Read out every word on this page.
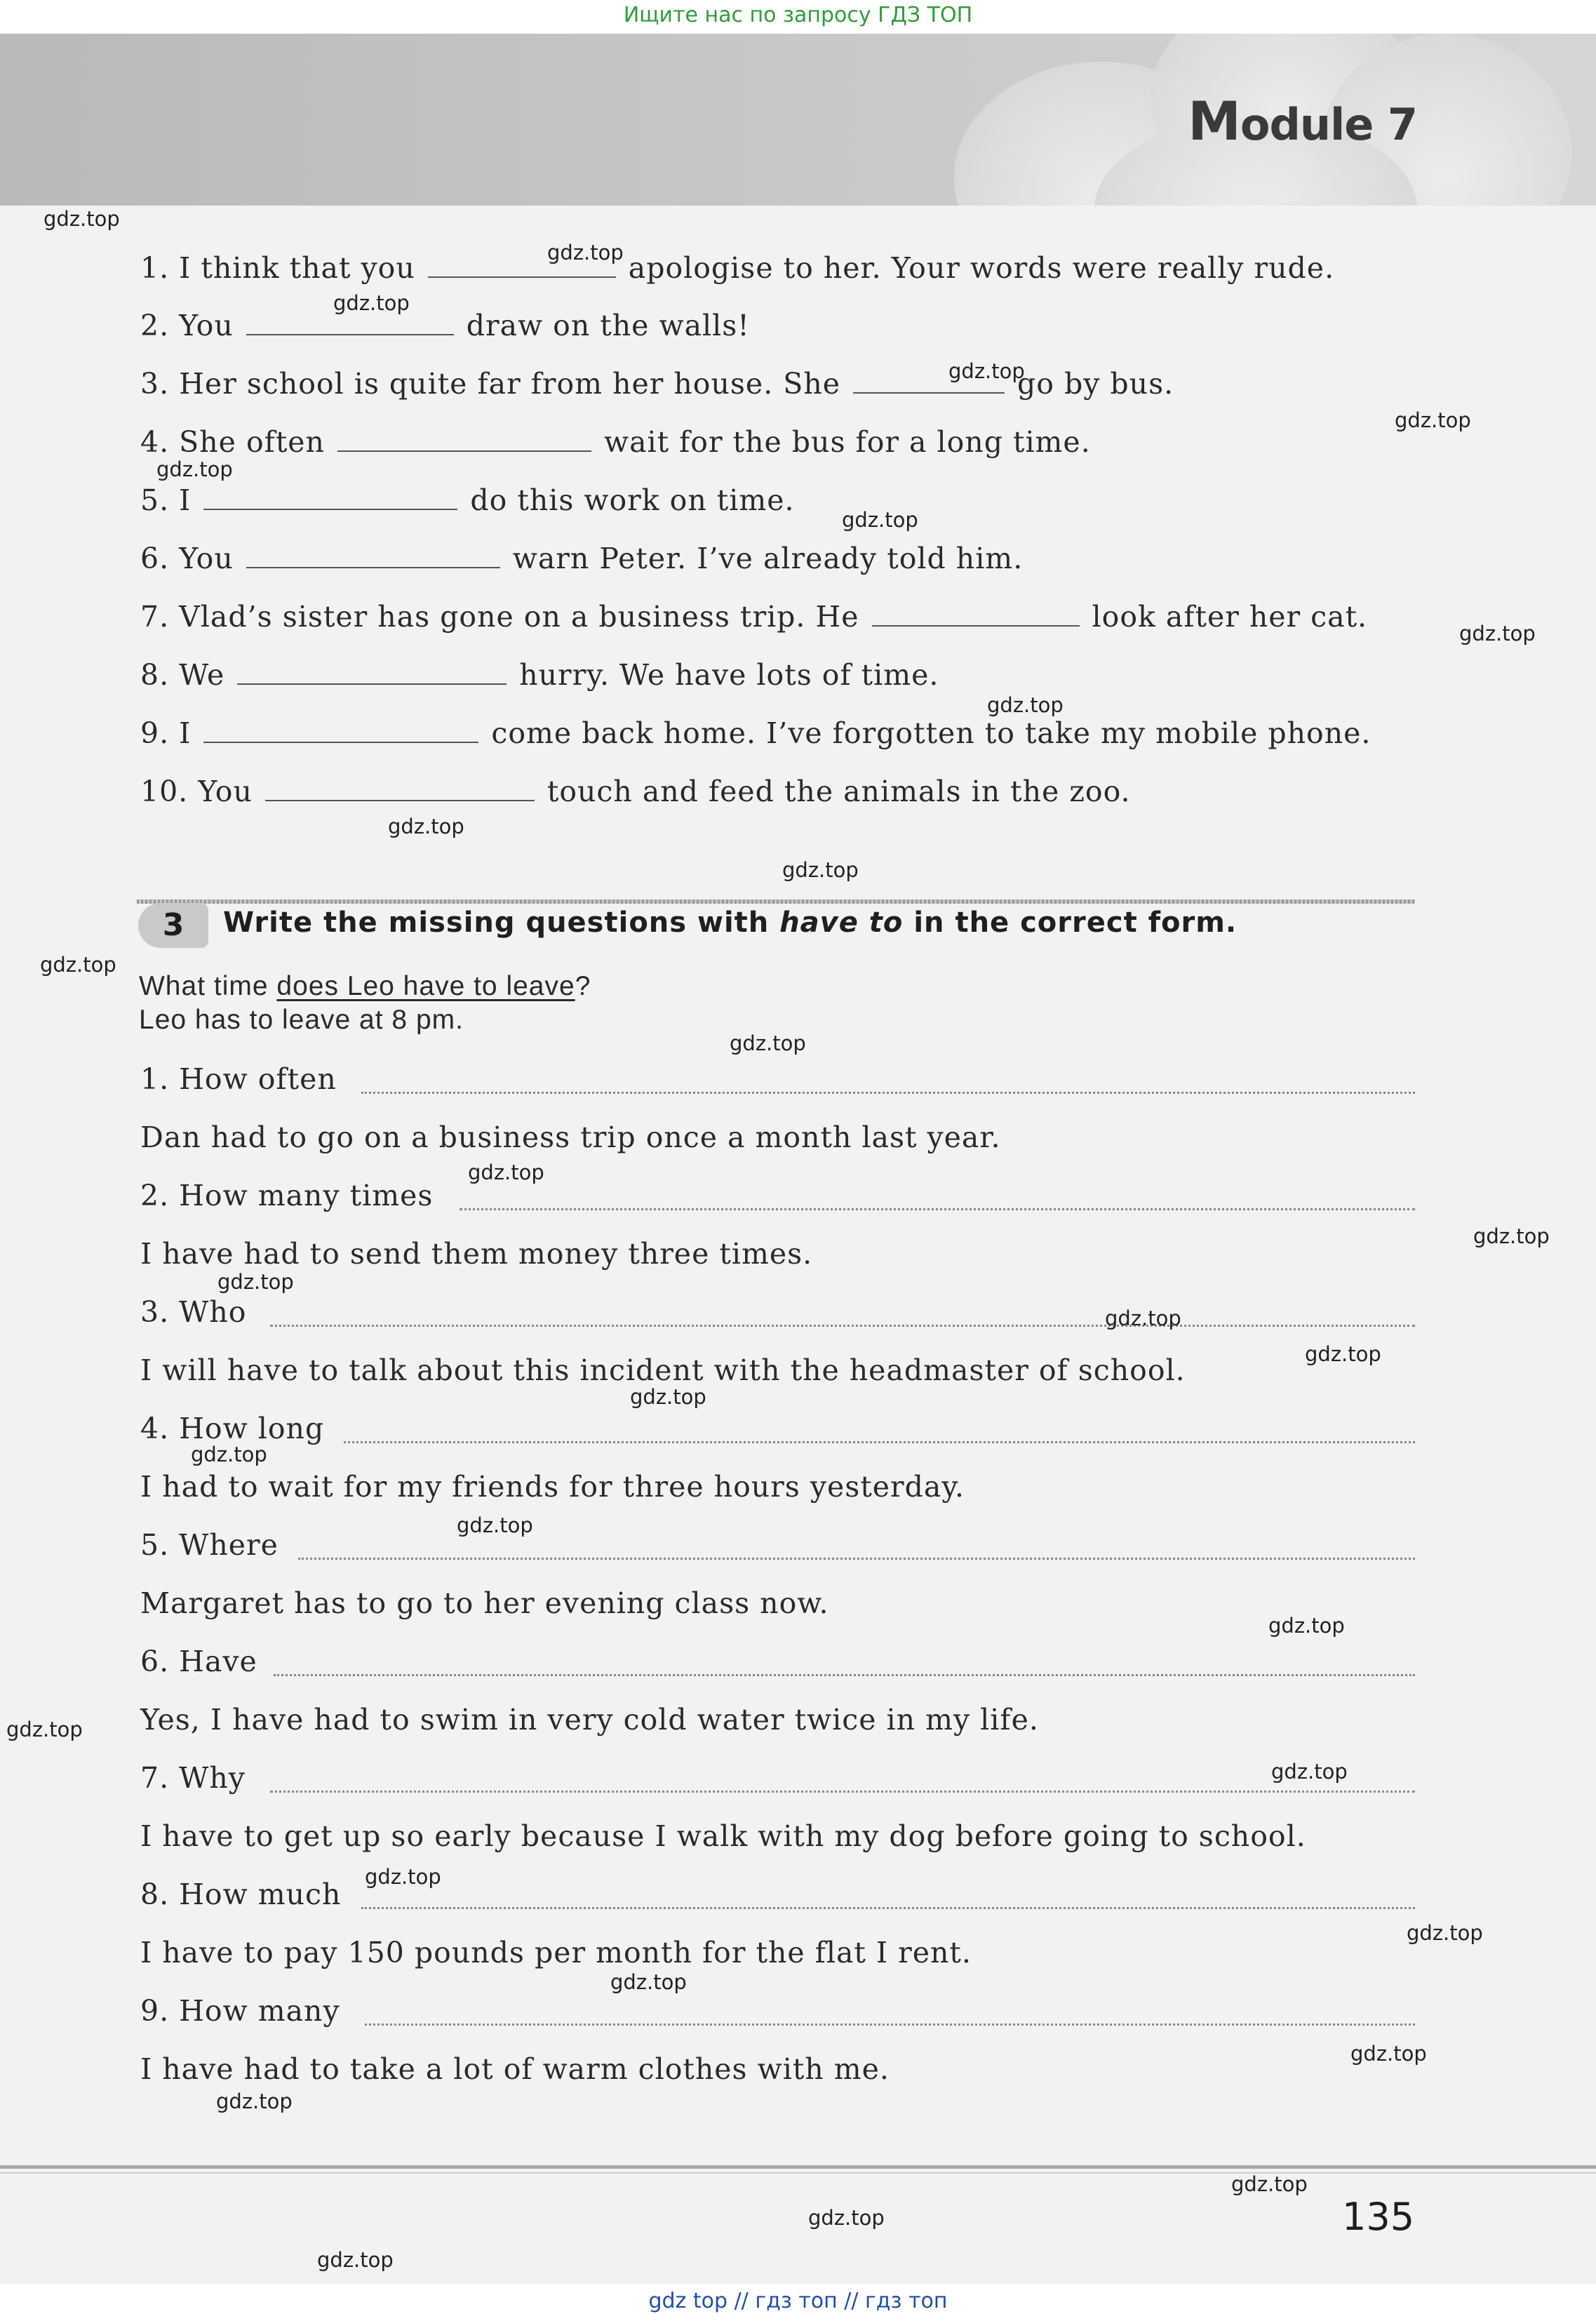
Ищите нас по запросу ГДЗ ТОП
Module 7
1. I think that you	apologise to her. Your words were really rude.
2. You	draw on the walls!
3. Her school is quite far from her house. She	go by bus.
4. She often	wait for the bus for a long time.
5. I	do this work on time.
6. You	warn Peter. I’ve already told him.
7. Vlad’s sister has gone on a business trip. He	look after her cat.
8. We	hurry. We have lots of time.
9. I	come back home. I’ve forgotten to take my mobile phone.
10. You	touch and feed the animals in the zoo.
3	Write the missing questions with have to in the correct form.
What time does Leo have to leave?
Leo has to leave at 8 pm.
1. How often
Dan had to go on a business trip once a month last year.
2. How many times
I have had to send them money three times.
3. Who
I will have to talk about this incident with the headmaster of school.
4. How long
I had to wait for my friends for three hours yesterday.
5. Where
Margaret has to go to her evening class now.
6. Have
Yes, I have had to swim in very cold water twice in my life.
7. Why
I have to get up so early because I walk with my dog before going to school.
8. How much
I have to pay 150 pounds per month for the flat I rent.
9. How many
I have had to take a lot of warm clothes with me.
135
gdz.top
gdz.top
gdz.top
gdz.top
gdz.top
gdz.top
gdz.top
gdz.top
gdz.top
gdz.top
gdz.top
gdz.top
gdz.top
gdz.top
gdz.top
gdz.top
gdz.top
gdz.top
gdz.top
gdz.top
gdz.top
gdz.top
gdz.top
gdz.top
gdz.top
gdz.top
gdz.top
gdz.top
gdz.top
gdz.top
gdz.top
gdz.top
gdz top // гдз топ // гдз топ
